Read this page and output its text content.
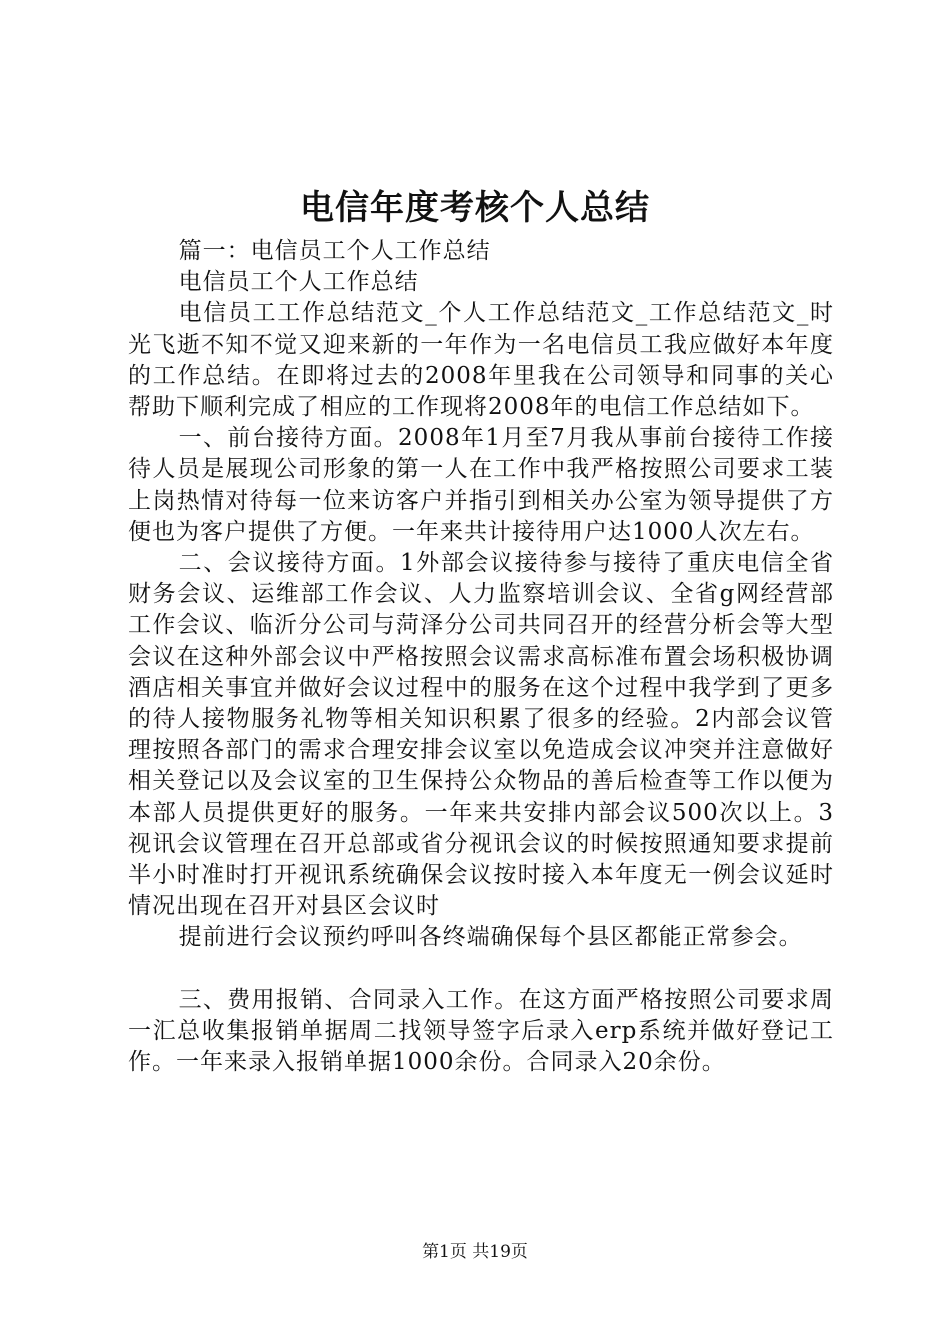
电信年度考核个人总结

篇一：电信员工个人工作总结

电信员工个人工作总结

电信员工工作总结范文_个人工作总结范文_工作总结范文_时光飞逝不知不觉又迎来新的一年作为一名电信员工我应做好本年度的工作总结。在即将过去的2008年里我在公司领导和同事的关心帮助下顺利完成了相应的工作现将2008年的电信工作总结如下。

一、前台接待方面。2008年1月至7月我从事前台接待工作接待人员是展现公司形象的第一人在工作中我严格按照公司要求工装上岗热情对待每一位来访客户并指引到相关办公室为领导提供了方便也为客户提供了方便。一年来共计接待用户达1000人次左右。

二、会议接待方面。1外部会议接待参与接待了重庆电信全省财务会议、运维部工作会议、人力监察培训会议、全省g网经营部工作会议、临沂分公司与菏泽分公司共同召开的经营分析会等大型会议在这种外部会议中严格按照会议需求高标准布置会场积极协调酒店相关事宜并做好会议过程中的服务在这个过程中我学到了更多的待人接物服务礼物等相关知识积累了很多的经验。2内部会议管理按照各部门的需求合理安排会议室以免造成会议冲突并注意做好相关登记以及会议室的卫生保持公众物品的善后检查等工作以便为本部人员提供更好的服务。一年来共安排内部会议500次以上。3视讯会议管理在召开总部或省分视讯会议的时候按照通知要求提前半小时准时打开视讯系统确保会议按时接入本年度无一例会议延时情况出现在召开对县区会议时

提前进行会议预约呼叫各终端确保每个县区都能正常参会。

三、费用报销、合同录入工作。在这方面严格按照公司要求周一汇总收集报销单据周二找领导签字后录入erp系统并做好登记工作。一年来录入报销单据1000余份。合同录入20余份。

第1页 共19页
